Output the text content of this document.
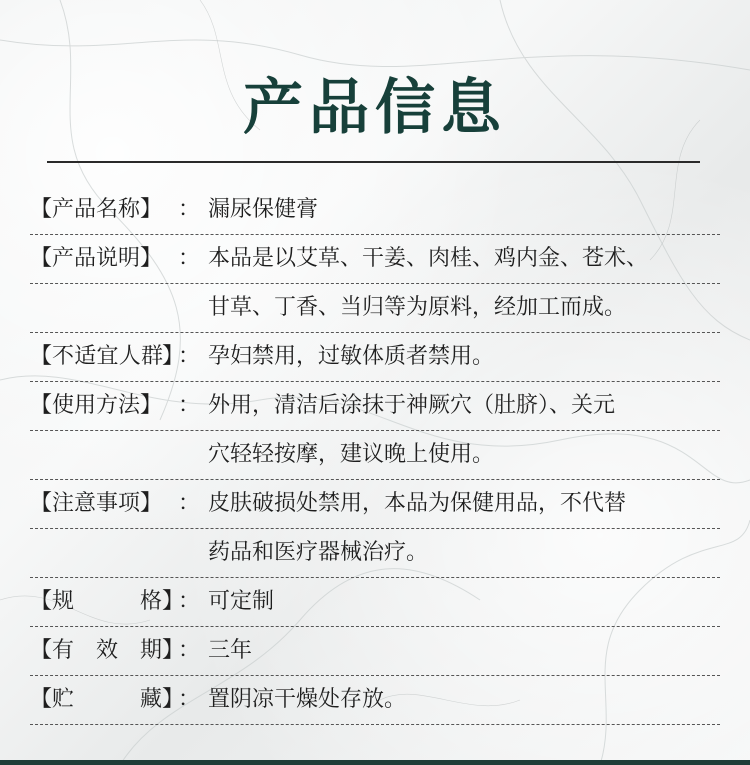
产品信息
【产品名称】 ： 漏尿保健膏
【产品说明】 ： 本品是以艾草、干姜、肉桂、鸡内金、苍术、
甘草、丁香、当归等为原料，经加工而成。
【不适宜人群】
： 孕妇禁用，过敏体质者禁用。
【使用方法】 ： 外用，清洁后涂抹于神厥穴（肚脐）、关元
穴轻轻按摩，建议晚上使用。
【注意事项】 ： 皮肤破损处禁用，本品为保健用品，不代替
药品和医疗器械治疗。
【规格】
： 可定制
【有效期】
： 三年
【贮藏】
： 置阴凉干燥处存放。
